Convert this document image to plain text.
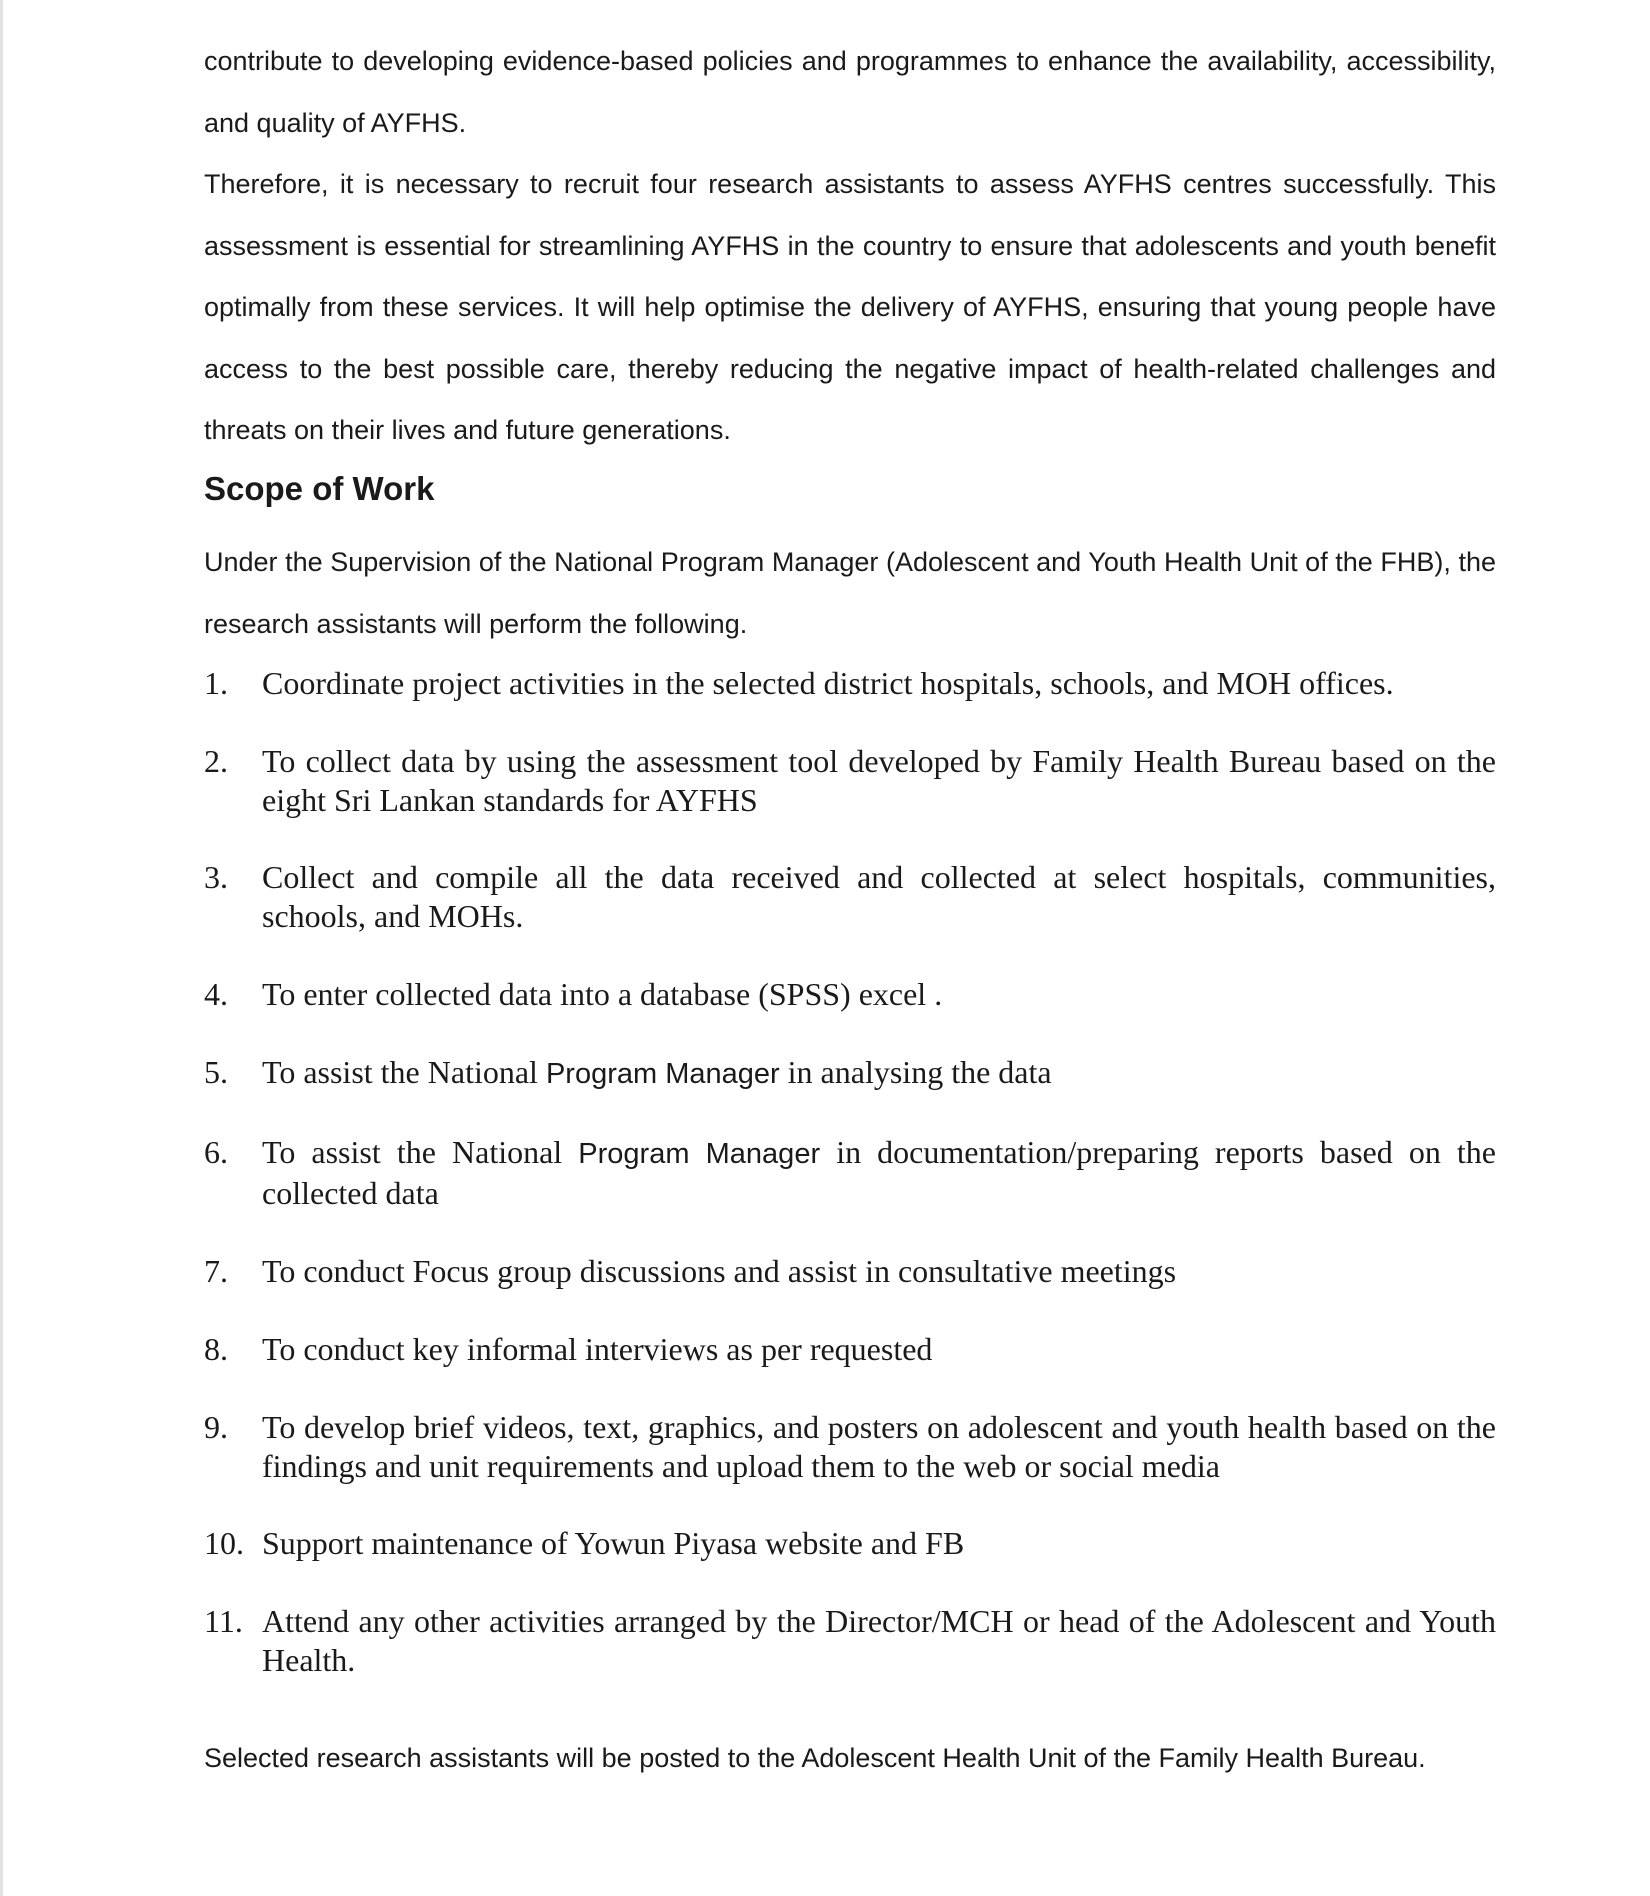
contribute to developing evidence-based policies and programmes to enhance the availability, accessibility, and quality of AYFHS.

Therefore, it is necessary to recruit four research assistants to assess AYFHS centres successfully. This assessment is essential for streamlining AYFHS in the country to ensure that adolescents and youth benefit optimally from these services. It will help optimise the delivery of AYFHS, ensuring that young people have access to the best possible care, thereby reducing the negative impact of health-related challenges and threats on their lives and future generations.

Scope of Work

Under the Supervision of the National Program Manager (Adolescent and Youth Health Unit of the FHB), the research assistants will perform the following.

1.	Coordinate project activities in the selected district hospitals, schools, and MOH offices.
2.	To collect data by using the assessment tool developed by Family Health Bureau based on the eight Sri Lankan standards for AYFHS
3.	Collect and compile all the data received and collected at select hospitals, communities, schools, and MOHs.
4.	To enter collected data into a database (SPSS) excel .
5.	To assist the National Program Manager in analysing the data
6.	To assist the National Program Manager in documentation/preparing reports based on the collected data
7.	To conduct Focus group discussions and assist in consultative meetings
8.	To conduct key informal interviews as per requested
9.	To develop brief videos, text, graphics, and posters on adolescent and youth health based on the findings and unit requirements and upload them to the web or social media
10. Support maintenance of Yowun Piyasa website and FB
11. Attend any other activities arranged by the Director/MCH or head of the Adolescent and Youth Health.

Selected research assistants will be posted to the Adolescent Health Unit of the Family Health Bureau.
